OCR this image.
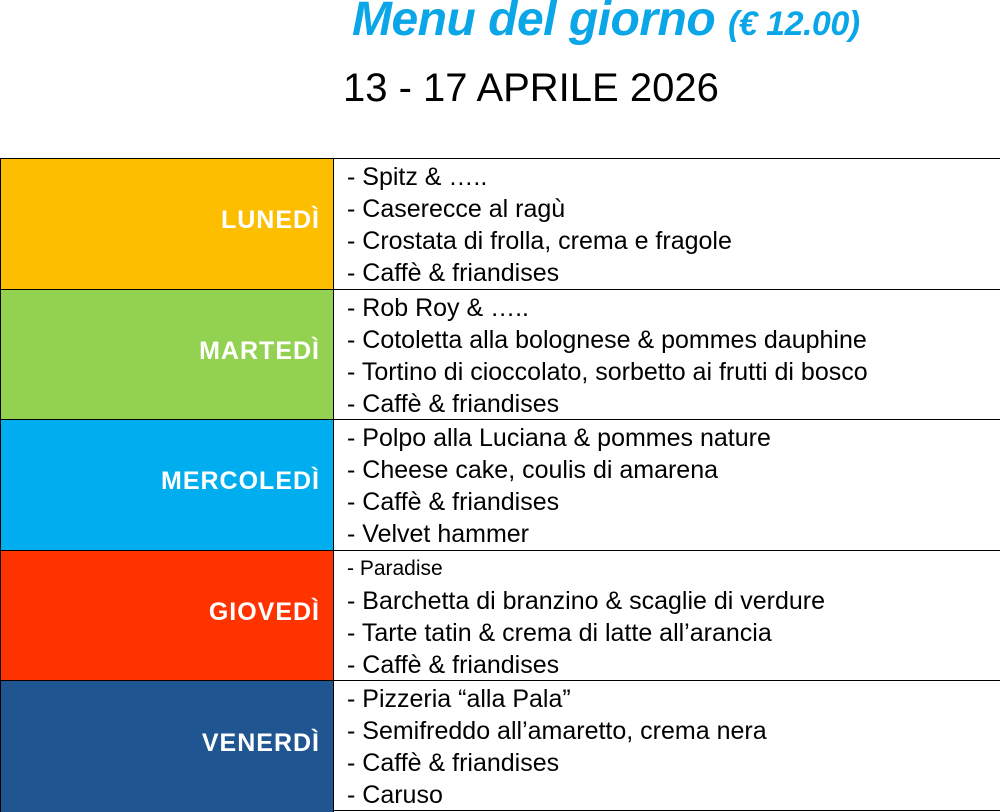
Menu del giorno (€ 12.00)
13 - 17 APRILE 2026
LUNEDÌ
- Spitz & …..
- Caserecce al ragù
- Crostata di frolla, crema e fragole
- Caffè & friandises
MARTEDÌ
- Rob Roy & …..
- Cotoletta alla bolognese & pommes dauphine
- Tortino di cioccolato, sorbetto ai frutti di bosco
- Caffè & friandises
MERCOLEDÌ
- Polpo alla Luciana & pommes nature
- Cheese cake, coulis di amarena
- Caffè & friandises
- Velvet hammer
GIOVEDÌ
- Paradise
- Barchetta di branzino & scaglie di verdure
- Tarte tatin & crema di latte all’arancia
- Caffè & friandises
VENERDÌ
- Pizzeria “alla Pala”
- Semifreddo all’amaretto, crema nera
- Caffè & friandises
- Caruso
